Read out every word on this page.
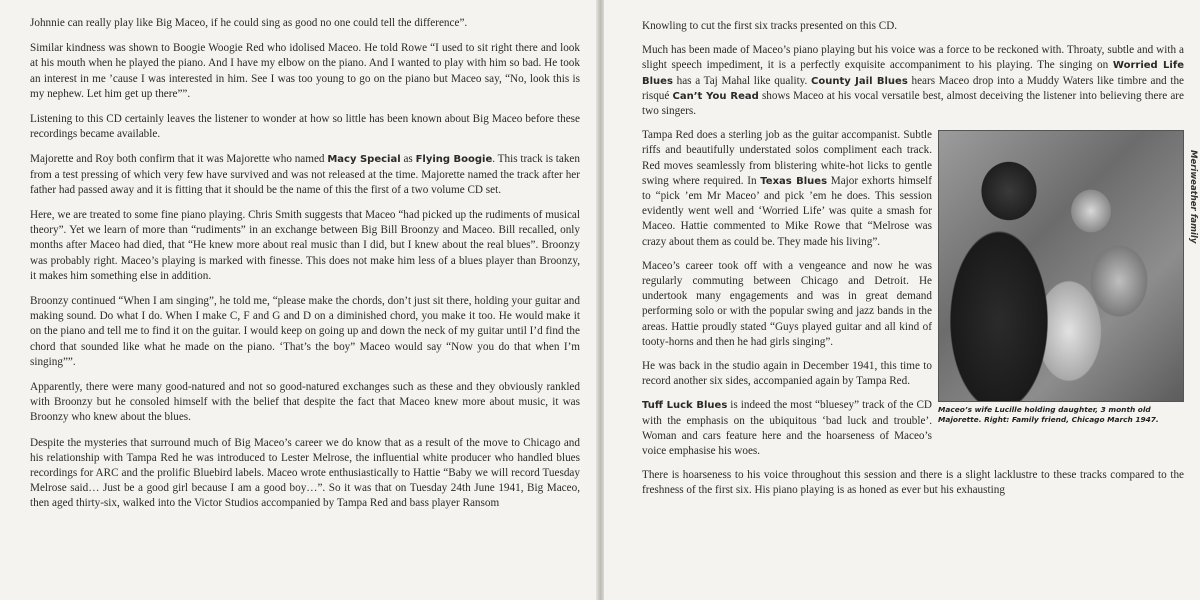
Johnnie can really play like Big Maceo, if he could sing as good no one could tell the difference”.

Similar kindness was shown to Boogie Woogie Red who idolised Maceo. He told Rowe “I used to sit right there and look at his mouth when he played the piano. And I have my elbow on the piano. And I wanted to play with him so bad. He took an interest in me ’cause I was interested in him. See I was too young to go on the piano but Maceo say, “No, look this is my nephew. Let him get up there””.

Listening to this CD certainly leaves the listener to wonder at how so little has been known about Big Maceo before these recordings became available.

Majorette and Roy both confirm that it was Majorette who named Macy Special as Flying Boogie. This track is taken from a test pressing of which very few have survived and was not released at the time. Majorette named the track after her father had passed away and it is fitting that it should be the name of this the first of a two volume CD set.

Here, we are treated to some fine piano playing. Chris Smith suggests that Maceo “had picked up the rudiments of musical theory”. Yet we learn of more than “rudiments” in an exchange between Big Bill Broonzy and Maceo. Bill recalled, only months after Maceo had died, that “He knew more about real music than I did, but I knew about the real blues”. Broonzy was probably right. Maceo’s playing is marked with finesse. This does not make him less of a blues player than Broonzy, it makes him something else in addition.

Broonzy continued “When I am singing”, he told me, “please make the chords, don’t just sit there, holding your guitar and making sound. Do what I do. When I make C, F and G and D on a diminished chord, you make it too. He would make it on the piano and tell me to find it on the guitar. I would keep on going up and down the neck of my guitar until I’d find the chord that sounded like what he made on the piano. ‘That’s the boy” Maceo would say “Now you do that when I’m singing””.

Apparently, there were many good-natured and not so good-natured exchanges such as these and they obviously rankled with Broonzy but he consoled himself with the belief that despite the fact that Maceo knew more about music, it was Broonzy who knew about the blues.

Despite the mysteries that surround much of Big Maceo’s career we do know that as a result of the move to Chicago and his relationship with Tampa Red he was introduced to Lester Melrose, the influential white producer who handled blues recordings for ARC and the prolific Bluebird labels. Maceo wrote enthusiastically to Hattie “Baby we will record Tuesday Melrose said… Just be a good girl because I am a good boy…”. So it was that on Tuesday 24th June 1941, Big Maceo, then aged thirty-six, walked into the Victor Studios accompanied by Tampa Red and bass player Ransom

Knowling to cut the first six tracks presented on this CD.

Much has been made of Maceo’s piano playing but his voice was a force to be reckoned with. Throaty, subtle and with a slight speech impediment, it is a perfectly exquisite accompaniment to his playing. The singing on Worried Life Blues has a Taj Mahal like quality. County Jail Blues hears Maceo drop into a Muddy Waters like timbre and the risqué Can’t You Read shows Maceo at his vocal versatile best, almost deceiving the listener into believing there are two singers.

Meriweather family
Maceo’s wife Lucille holding daughter, 3 month old Majorette. Right: Family friend, Chicago March 1947.

Tampa Red does a sterling job as the guitar accompanist. Subtle riffs and beautifully understated solos compliment each track. Red moves seamlessly from blistering white-hot licks to gentle swing where required. In Texas Blues Major exhorts himself to “pick ’em Mr Maceo’ and pick ’em he does. This session evidently went well and ‘Worried Life’ was quite a smash for Maceo. Hattie commented to Mike Rowe that “Melrose was crazy about them as could be. They made his living”.

Maceo’s career took off with a vengeance and now he was regularly commuting between Chicago and Detroit. He undertook many engagements and was in great demand performing solo or with the popular swing and jazz bands in the areas. Hattie proudly stated “Guys played guitar and all kind of tooty-horns and then he had girls singing”.

He was back in the studio again in December 1941, this time to record another six sides, accompanied again by Tampa Red.

Tuff Luck Blues is indeed the most “bluesey” track of the CD with the emphasis on the ubiquitous ‘bad luck and trouble’. Woman and cars feature here and the hoarseness of Maceo’s voice emphasise his woes.

There is hoarseness to his voice throughout this session and there is a slight lacklustre to these tracks compared to the freshness of the first six. His piano playing is as honed as ever but his exhausting
